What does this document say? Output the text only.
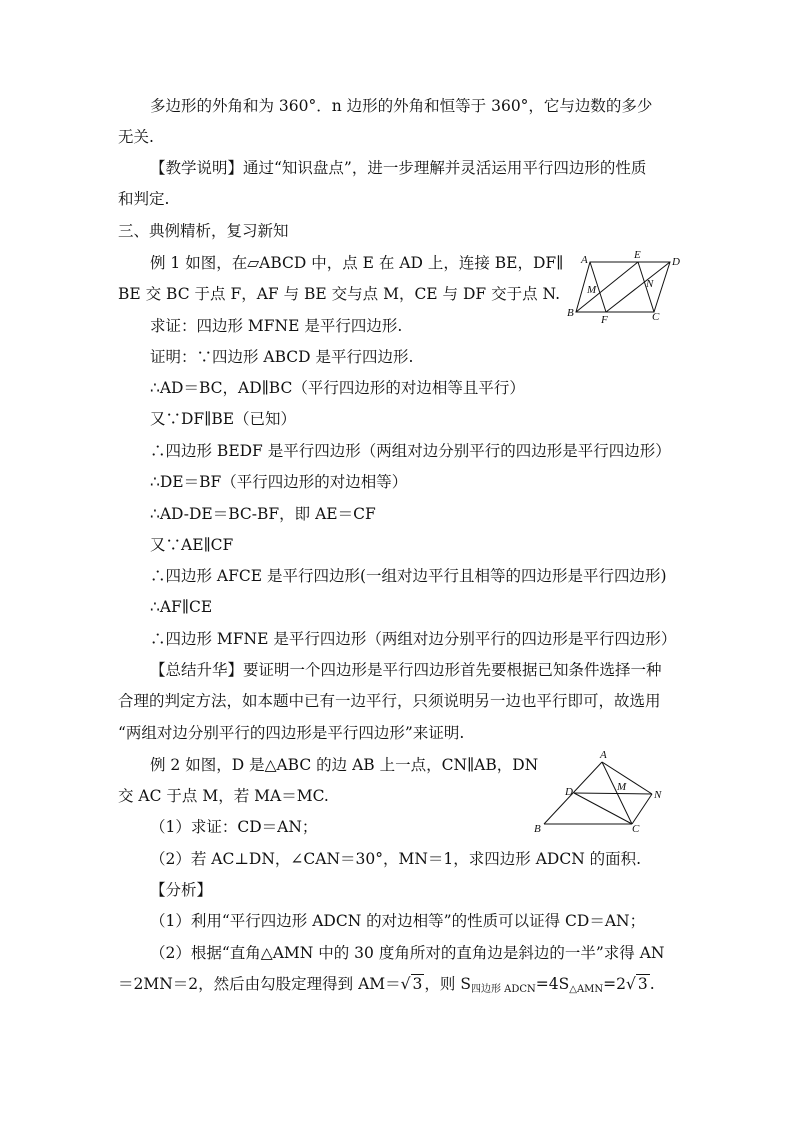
多边形的外角和为 360°．n 边形的外角和恒等于 360°，它与边数的多少
无关.
【教学说明】通过“知识盘点”，进一步理解并灵活运用平行四边形的性质
和判定.
三、典例精析，复习新知
例 1 如图，在▱ABCD 中，点 E 在 AD 上，连接 BE，DF∥
BE 交 BC 于点 F，AF 与 BE 交与点 M，CE 与 DF 交于点 N.
求证：四边形 MFNE 是平行四边形.
证明：∵四边形 ABCD 是平行四边形.
∴AD＝BC，AD∥BC（平行四边形的对边相等且平行）
又∵DF∥BE（已知）
∴四边形 BEDF 是平行四边形（两组对边分别平行的四边形是平行四边形）
∴DE＝BF（平行四边形的对边相等）
∴AD-DE＝BC-BF，即 AE＝CF
又∵AE∥CF
∴四边形 AFCE 是平行四边形(一组对边平行且相等的四边形是平行四边形)
∴AF∥CE
∴四边形 MFNE 是平行四边形（两组对边分别平行的四边形是平行四边形）
A	E
D
M	N
B
F	C
【总结升华】要证明一个四边形是平行四边形首先要根据已知条件选择一种
合理的判定方法，如本题中已有一边平行，只须说明另一边也平行即可，故选用
“两组对边分别平行的四边形是平行四边形”来证明.
例 2 如图，D 是△ABC 的边 AB 上一点，CN∥AB，DN
交 AC 于点 M，若 MA＝MC.
（1）求证：CD＝AN；
（2）若 AC⊥DN，∠CAN＝30°，MN＝1，求四边形 ADCN 的面积.
【分析】
（1）利用“平行四边形 ADCN 的对边相等”的性质可以证得 CD＝AN；
（2）根据“直角△AMN 中的 30 度角所对的直角边是斜边的一半”求得 AN
＝2MN＝2，然后由勾股定理得到 AM＝√ 3 ，则 $S_{四边形 ADCN}=4S_{\triangle AMN}=2√$ 3 .
A
D	M
N
B	C
